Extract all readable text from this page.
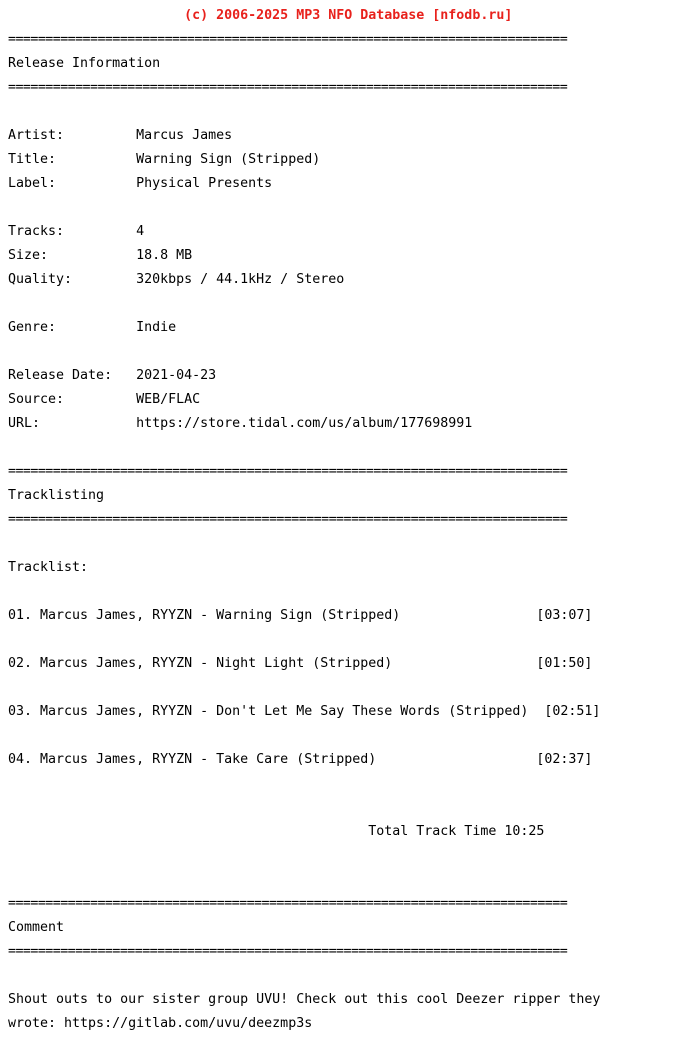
(c) 2006-2025 MP3 NFO Database [nfodb.ru]

===========================================================================

Release Information

===========================================================================

Artist:         Marcus James

Title:          Warning Sign (Stripped)

Label:          Physical Presents

Tracks:         4

Size:           18.8 MB

Quality:        320kbps / 44.1kHz / Stereo

Genre:          Indie

Release Date:   2021-04-23

Source:         WEB/FLAC

URL:            https://store.tidal.com/us/album/177698991

===========================================================================

Tracklisting

===========================================================================

Tracklist:

01. Marcus James, RYYZN - Warning Sign (Stripped)                 [03:07]

02. Marcus James, RYYZN - Night Light (Stripped)                  [01:50]

03. Marcus James, RYYZN - Don't Let Me Say These Words (Stripped)  [02:51]

04. Marcus James, RYYZN - Take Care (Stripped)                    [02:37]

Total Track Time 10:25

===========================================================================

Comment

===========================================================================

Shout outs to our sister group UVU! Check out this cool Deezer ripper they

wrote: https://gitlab.com/uvu/deezmp3s
